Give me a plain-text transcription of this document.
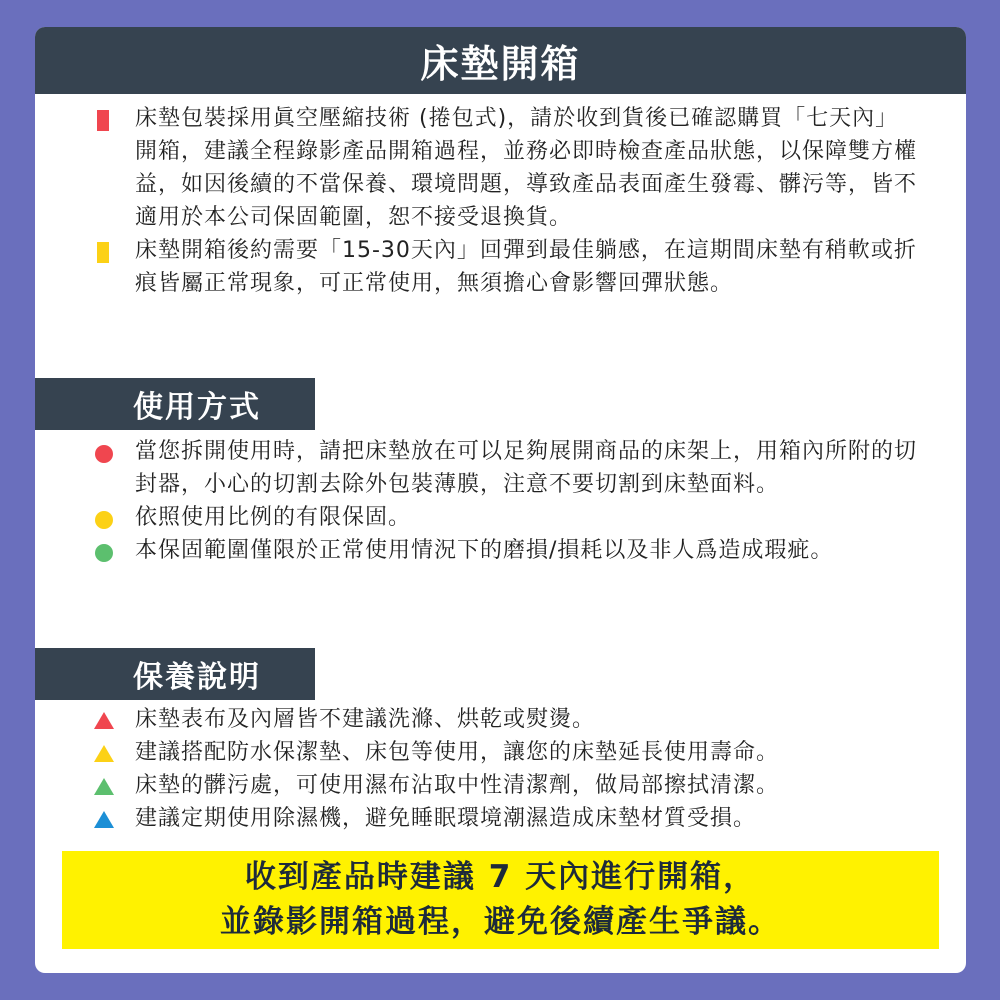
床墊開箱
床墊包裝採用眞空壓縮技術 (捲包式)，請於收到貨後已確認購買「七天內」開箱，建議全程錄影產品開箱過程，並務必即時檢查產品狀態，以保障雙方權益，如因後續的不當保養、環境問題，導致產品表面產生發霉、髒污等，皆不適用於本公司保固範圍，恕不接受退換貨。
床墊開箱後約需要「15-30天內」回彈到最佳躺感，在這期間床墊有稍軟或折痕皆屬正常現象，可正常使用，無須擔心會影響回彈狀態。
使用方式
當您拆開使用時，請把床墊放在可以足夠展開商品的床架上，用箱內所附的切封器，小心的切割去除外包裝薄膜，注意不要切割到床墊面料。
依照使用比例的有限保固。
本保固範圍僅限於正常使用情況下的磨損/損耗以及非人爲造成瑕疵。
保養說明
床墊表布及內層皆不建議洗滌、烘乾或熨燙。
建議搭配防水保潔墊、床包等使用，讓您的床墊延長使用壽命。
床墊的髒污處，可使用濕布沾取中性清潔劑，做局部擦拭清潔。
建議定期使用除濕機，避免睡眠環境潮濕造成床墊材質受損。
收到產品時建議 7 天內進行開箱，
並錄影開箱過程，避免後續產生爭議。
